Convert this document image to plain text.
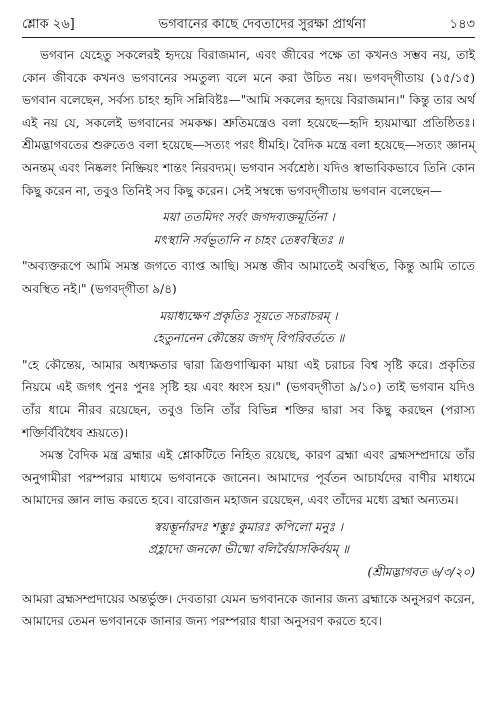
শ্লোক ২৬]	ভগবানের কাছে দেবতাদের সুরক্ষা প্রার্থনা	১৪৩

ভগবান যেহেতু সকলেরই হৃদয়ে বিরাজমান, এবং জীবের পক্ষে তা কখনও সম্ভব নয়, তাই কোন জীবকে কখনও ভগবানের সমতুল্য বলে মনে করা উচিত নয়। ভগবদ্‌গীতায় (১৫/১৫) ভগবান বলেছেন, সর্বস্য চাহং হৃদি সন্নিবিষ্টঃ—"আমি সকলের হৃদয়ে বিরাজমান।" কিন্তু তার অর্থ এই নয় যে, সকলেই ভগবানের সমকক্ষ। শ্রুতিমন্ত্রেও বলা হয়েছে—হৃদি হ্যয়মাত্মা প্রতিষ্ঠিতঃ। শ্রীমদ্ভাগবতের শুরুতেও বলা হয়েছে—সত্যং পরং ধীমহি। বৈদিক মন্ত্রে বলা হয়েছে—সত্যং জ্ঞানম্ অনন্তম্ এবং নিষ্কলং নিষ্ক্রিয়ং শান্তং নিরবদ্যম্। ভগবান সর্বশ্রেষ্ঠ। যদিও স্বাভাবিকভাবে তিনি কোন কিছু করেন না, তবুও তিনিই সব কিছু করেন। সেই সম্বন্ধে ভগবদ্‌গীতায় ভগবান বলেছেন—

ময়া ততমিদং সর্বং জগদব্যক্তমূর্তিনা ।
মৎস্থানি সর্বভূতানি ন চাহং তেষ্ববস্থিতঃ ॥

"অব্যক্তরূপে আমি সমস্ত জগতে ব্যাপ্ত আছি। সমস্ত জীব আমাতেই অবস্থিত, কিন্তু আমি তাতে অবস্থিত নই।" (ভগবদ্‌গীতা ৯/৪)

ময়াধ্যক্ষেণ প্রকৃতিঃ সূয়তে সচরাচরম্ ।
হেতুনানেন কৌন্তেয় জগদ্ বিপরিবর্ততে ॥

"হে কৌন্তেয়, আমার অধ্যক্ষতার দ্বারা ত্রিগুণাত্মিকা মায়া এই চরাচর বিশ্ব সৃষ্টি করে। প্রকৃতির নিয়মে এই জগৎ পুনঃ পুনঃ সৃষ্টি হয় এবং ধ্বংস হয়।" (ভগবদ্‌গীতা ৯/১০) তাই ভগবান যদিও তাঁর ধামে নীরব রয়েছেন, তবুও তিনি তাঁর বিভিন্ন শক্তির দ্বারা সব কিছু করছেন (পরাস্য শক্তির্বিবিধৈব শ্রূয়তে)।

সমস্ত বৈদিক মন্ত্র ব্রহ্মার এই শ্লোকটিতে নিহিত রয়েছে, কারণ ব্রহ্মা এবং ব্রহ্মসম্প্রদায়ে তাঁর অনুগামীরা পরম্পরার মাধ্যমে ভগবানকে জানেন। আমাদের পূর্বতন আচার্যদের বাণীর মাধ্যমে আমাদের জ্ঞান লাভ করতে হবে। বারোজন মহাজন রয়েছেন, এবং তাঁদের মধ্যে ব্রহ্মা অন্যতম।

স্বয়ম্ভূর্নারদঃ শম্ভুঃ কুমারঃ কপিলো মনুঃ ।
প্রহ্লাদো জনকো ভীষ্মো বলির্বৈয়াসকির্বয়ম্ ॥
(শ্রীমদ্ভাগবত ৬/৩/২০)

আমরা ব্রহ্মসম্প্রদায়ের অন্তর্ভুক্ত। দেবতারা যেমন ভগবানকে জানার জন্য ব্রহ্মাকে অনুসরণ করেন, আমাদের তেমন ভগবানকে জানার জন্য পরম্পরার ধারা অনুসরণ করতে হবে।
